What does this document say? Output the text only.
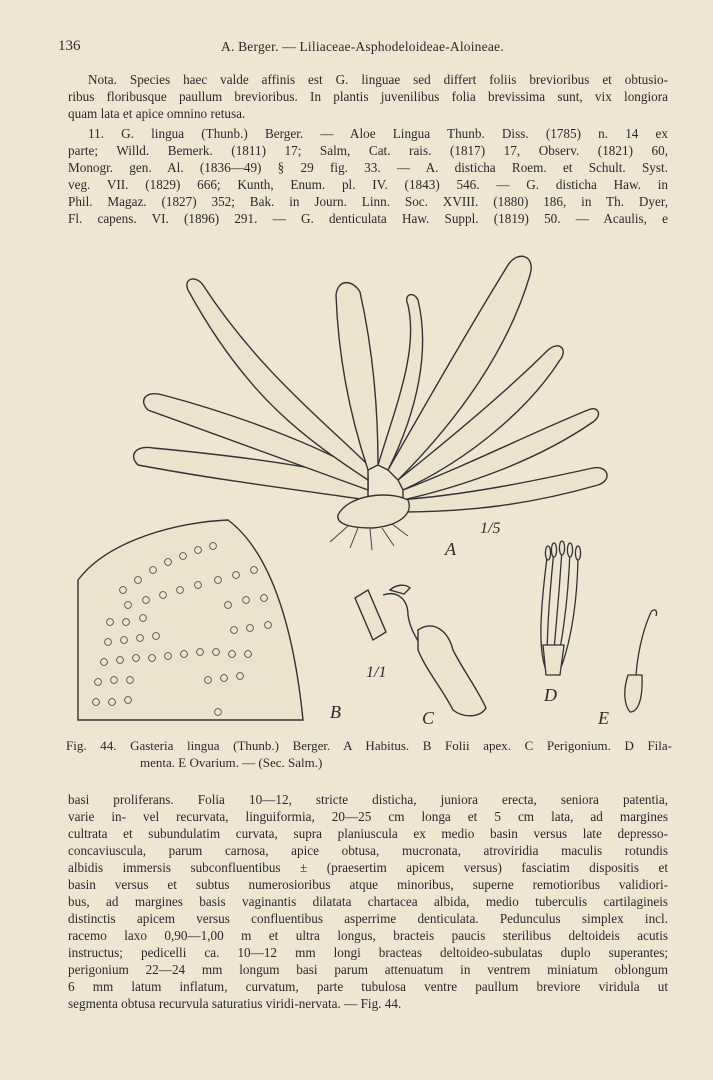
136	A. Berger. — Liliaceae-Asphodeloideae-Aloineae.
Nota. Species haec valde affinis est G. linguae sed differt foliis brevioribus et obtusio-
ribus floribusque paullum brevioribus. In plantis juvenilibus folia brevissima sunt, vix longiora
quam lata et apice omnino retusa.
11. G. lingua (Thunb.) Berger. — Aloe Lingua Thunb. Diss. (1785) n. 14 ex
parte; Willd. Bemerk. (1811) 17; Salm, Cat. rais. (1817) 17, Observ. (1821) 60,
Monogr. gen. Al. (1836—49) § 29 fig. 33. — A. disticha Roem. et Schult. Syst.
veg. VII. (1829) 666; Kunth, Enum. pl. IV. (1843) 546. — G. disticha Haw. in
Phil. Magaz. (1827) 352; Bak. in Journ. Linn. Soc. XVIII. (1880) 186, in Th. Dyer,
Fl. capens. VI. (1896) 291. — G. denticulata Haw. Suppl. (1819) 50. — Acaulis, e
1/5
A
B
1/1
C
D
E
Fig. 44. Gasteria lingua (Thunb.) Berger. A Habitus. B Folii apex. C Perigonium. D Fila-
menta. E Ovarium. — (Sec. Salm.)
basi proliferans. Folia 10—12, stricte disticha, juniora erecta, seniora patentia,
varie in- vel recurvata, linguiformia, 20—25 cm longa et 5 cm lata, ad margines
cultrata et subundulatim curvata, supra planiuscula ex medio basin versus late depresso-
concaviuscula, parum carnosa, apice obtusa, mucronata, atroviridia maculis rotundis
albidis immersis subconfluentibus ± (praesertim apicem versus) fasciatim dispositis et
basin versus et subtus numerosioribus atque minoribus, superne remotioribus validiori-
bus, ad margines basis vaginantis dilatata chartacea albida, medio tuberculis cartilagineis
distinctis apicem versus confluentibus asperrime denticulata. Pedunculus simplex incl.
racemo laxo 0,90—1,00 m et ultra longus, bracteis paucis sterilibus deltoideis acutis
instructus; pedicelli ca. 10—12 mm longi bracteas deltoideo-subulatas duplo superantes;
perigonium 22—24 mm longum basi parum attenuatum in ventrem miniatum oblongum
6 mm latum inflatum, curvatum, parte tubulosa ventre paullum breviore viridula ut
segmenta obtusa recurvula saturatius viridi-nervata. — Fig. 44.
